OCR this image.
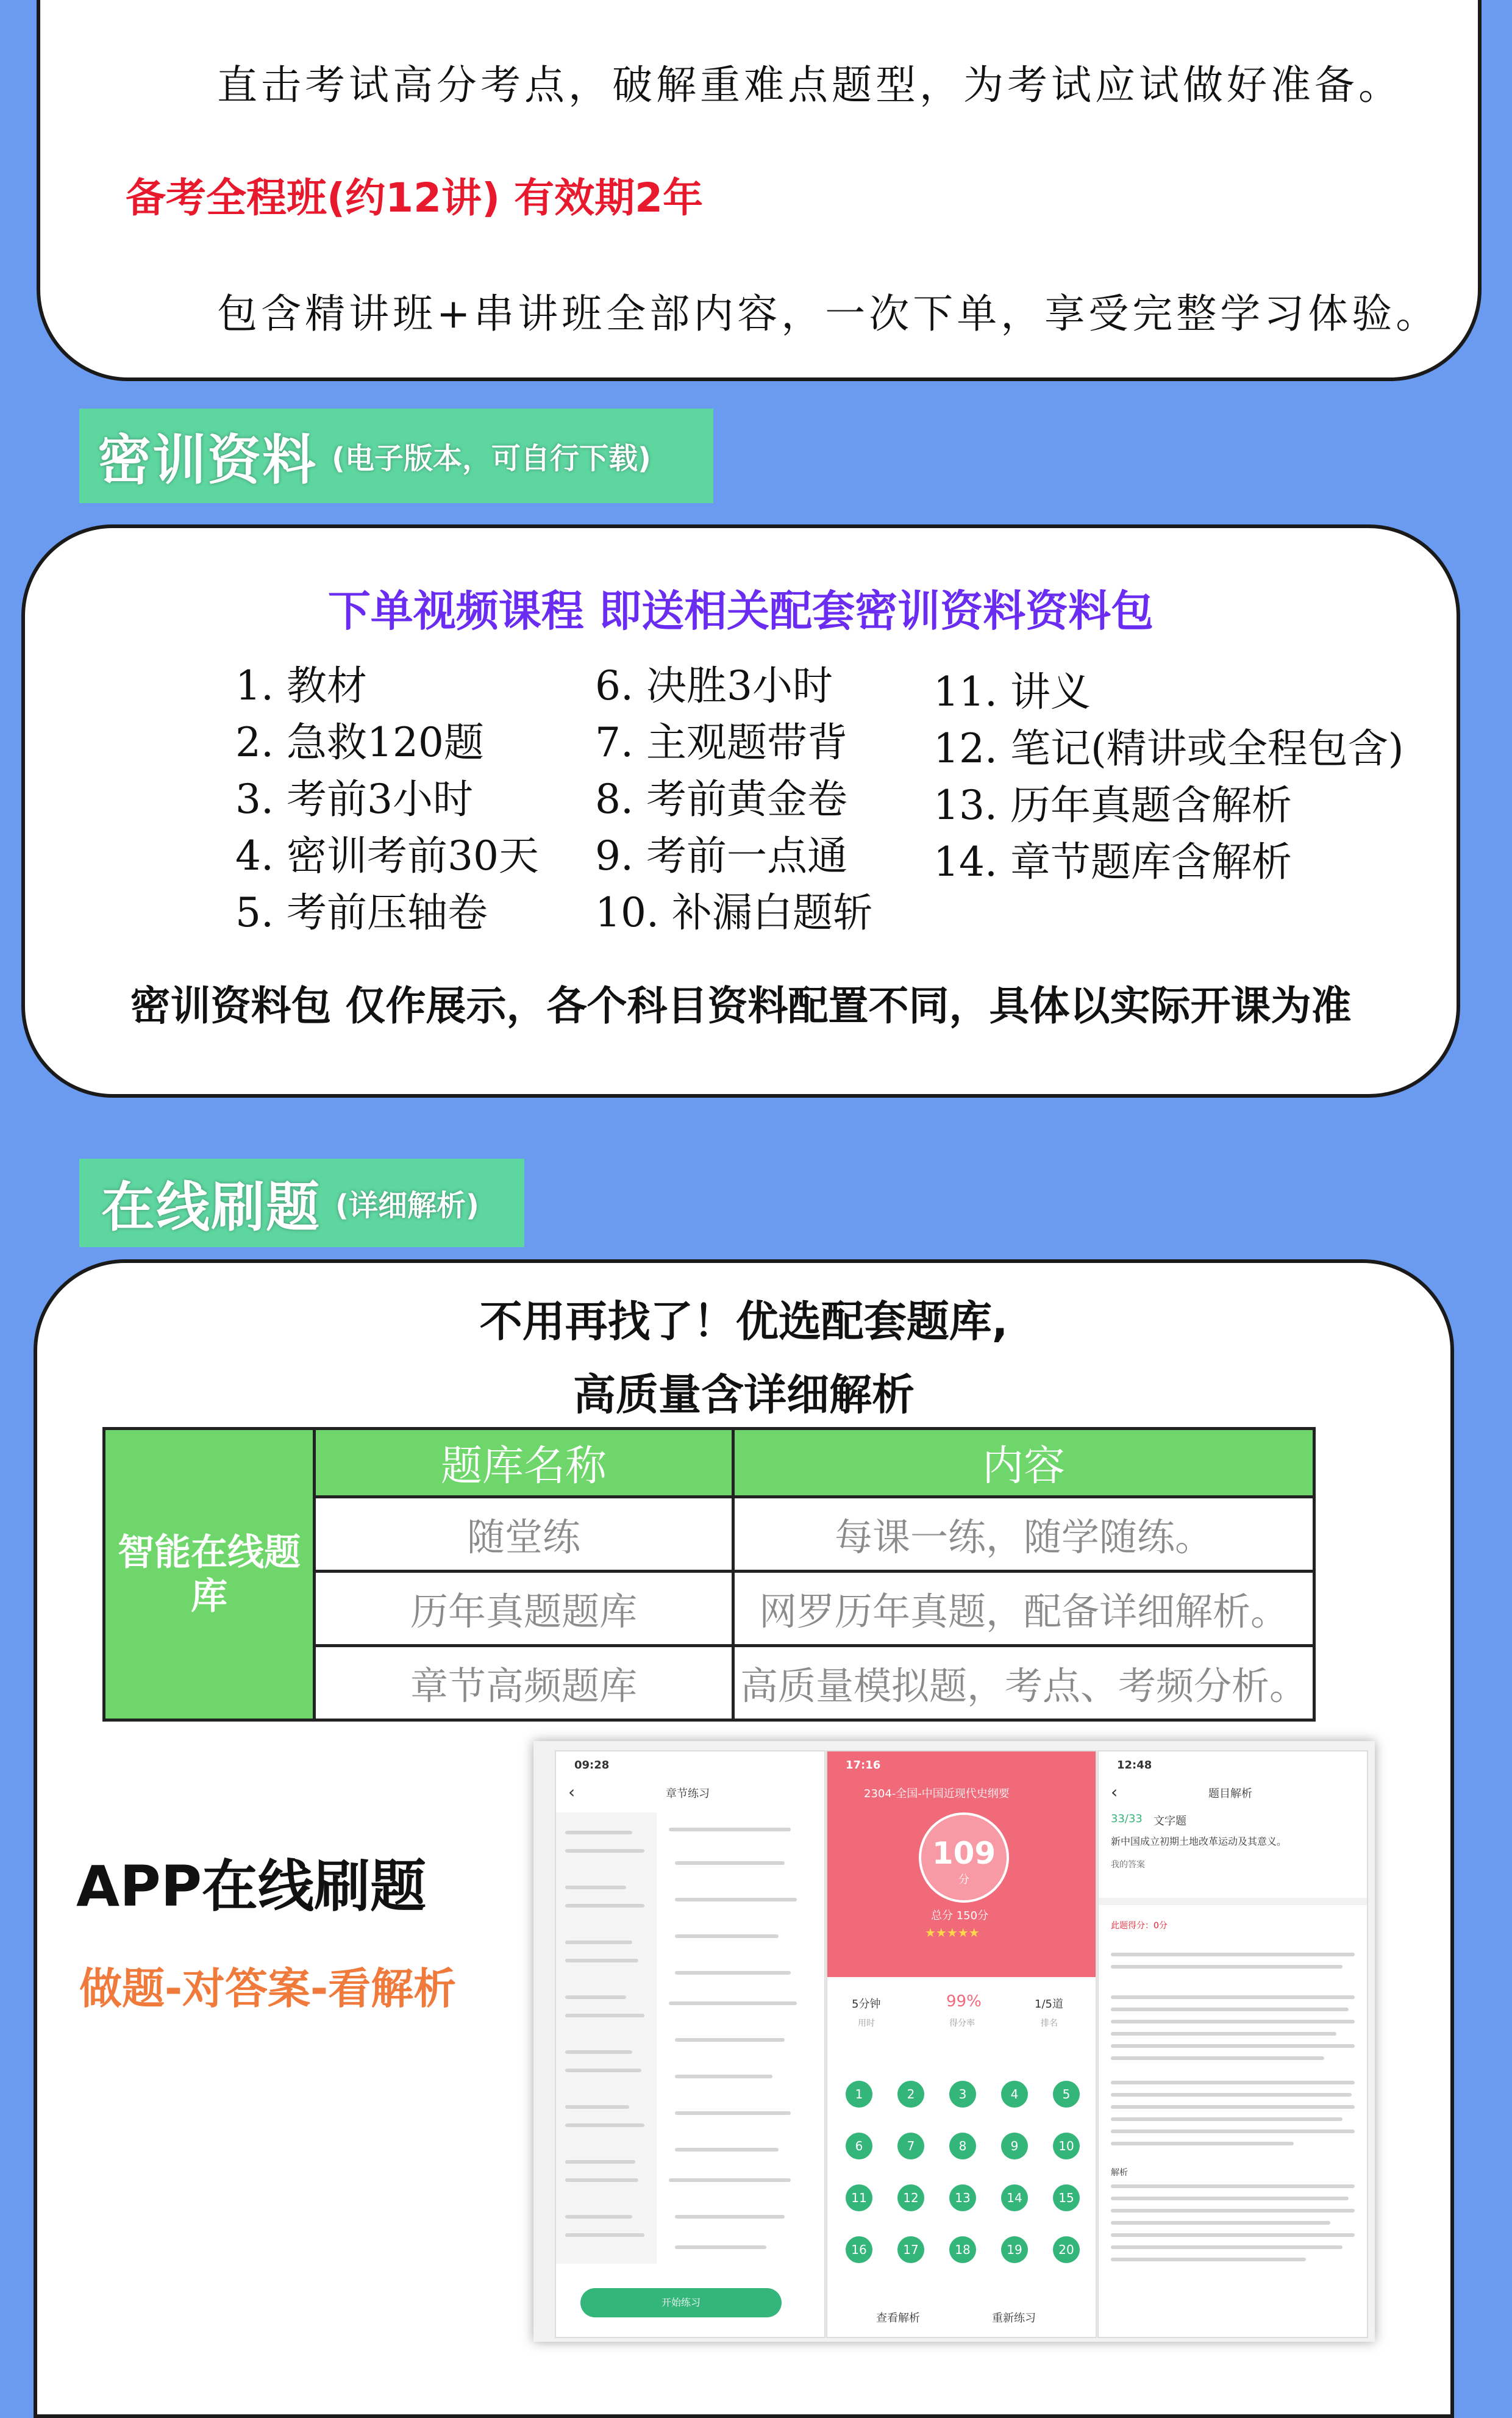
直击考试高分考点，破解重难点题型，为考试应试做好准备。
备考全程班(约12讲) 有效期2年
包含精讲班+串讲班全部内容，一次下单，享受完整学习体验。
密训资料 (电子版本，可自行下载)
下单视频课程 即送相关配套密训资料资料包
1. 教材
2. 急救120题
3. 考前3小时
4. 密训考前30天
5. 考前压轴卷
6. 决胜3小时
7. 主观题带背
8. 考前黄金卷
9. 考前一点通
10. 补漏白题斩
11. 讲义
12. 笔记(精讲或全程包含)
13. 历年真题含解析
14. 章节题库含解析
密训资料包 仅作展示，各个科目资料配置不同，具体以实际开课为准
在线刷题 (详细解析)
不用再找了！优选配套题库,
高质量含详细解析
智能在线题库	题库名称	内容
	随堂练	每课一练，随学随练。
	历年真题题库	网罗历年真题，配备详细解析。
	章节高频题库	高质量模拟题，考点、考频分析。
APP在线刷题
做题-对答案-看解析
09:28
‹	章节练习
开始练习
17:16
2304-全国-中国近现代史纲要
109
分
总分 150分
★★★★★
5分钟	99%	1/5道
用时	得分率	排名
1	2	3	4	5
6	7	8	9	10
11	12	13	14	15
16	17	18	19	20
查看解析	重新练习
12:48
‹	题目解析
33/33 文字题
新中国成立初期土地改革运动及其意义。
我的答案
此题得分：0分
解析
